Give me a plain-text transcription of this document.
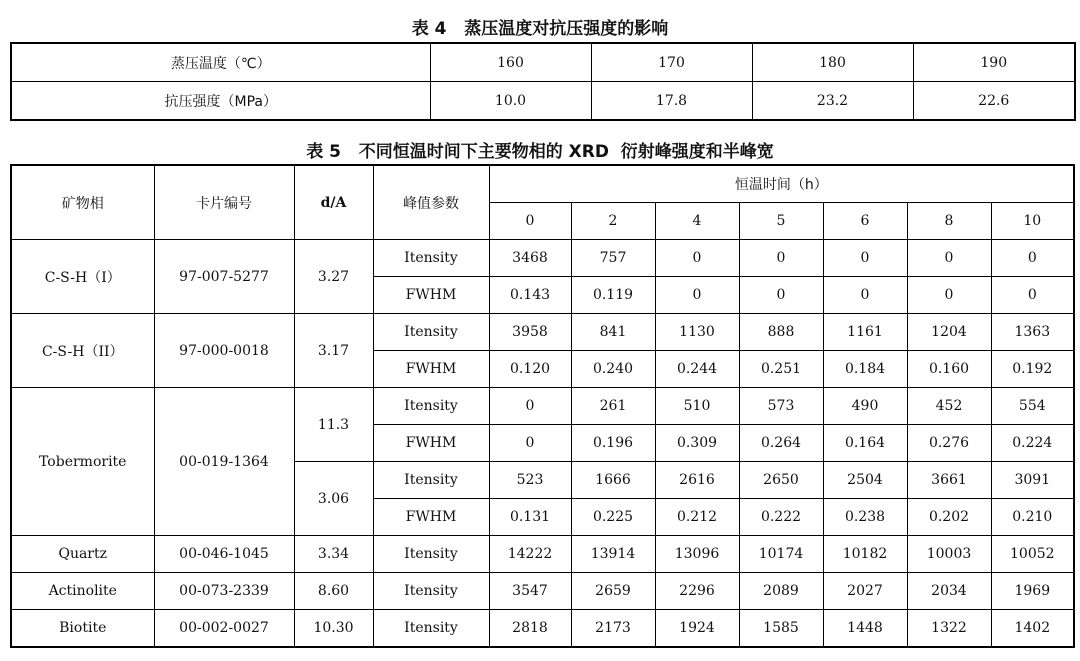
表 4   蒸压温度对抗压强度的影响
蒸压温度（℃）	160	170	180	190
抗压强度（MPa）	10.0	17.8	23.2	22.6
表 5   不同恒温时间下主要物相的 XRD  衍射峰强度和半峰宽
矿物相	卡片编号	d/A	峰值参数	恒温时间（h）						
				0	2	4	5	6	8	10
C-S-H（I）	97-007-5277	3.27	Itensity	3468	757	0	0	0	0	0
			FWHM	0.143	0.119	0	0	0	0	0
C-S-H（II）	97-000-0018	3.17	Itensity	3958	841	1130	888	1161	1204	1363
			FWHM	0.120	0.240	0.244	0.251	0.184	0.160	0.192
Tobermorite	00-019-1364	11.3	Itensity	0	261	510	573	490	452	554
			FWHM	0	0.196	0.309	0.264	0.164	0.276	0.224
		3.06	Itensity	523	1666	2616	2650	2504	3661	3091
			FWHM	0.131	0.225	0.212	0.222	0.238	0.202	0.210
Quartz	00-046-1045	3.34	Itensity	14222	13914	13096	10174	10182	10003	10052
Actinolite	00-073-2339	8.60	Itensity	3547	2659	2296	2089	2027	2034	1969
Biotite	00-002-0027	10.30	Itensity	2818	2173	1924	1585	1448	1322	1402
